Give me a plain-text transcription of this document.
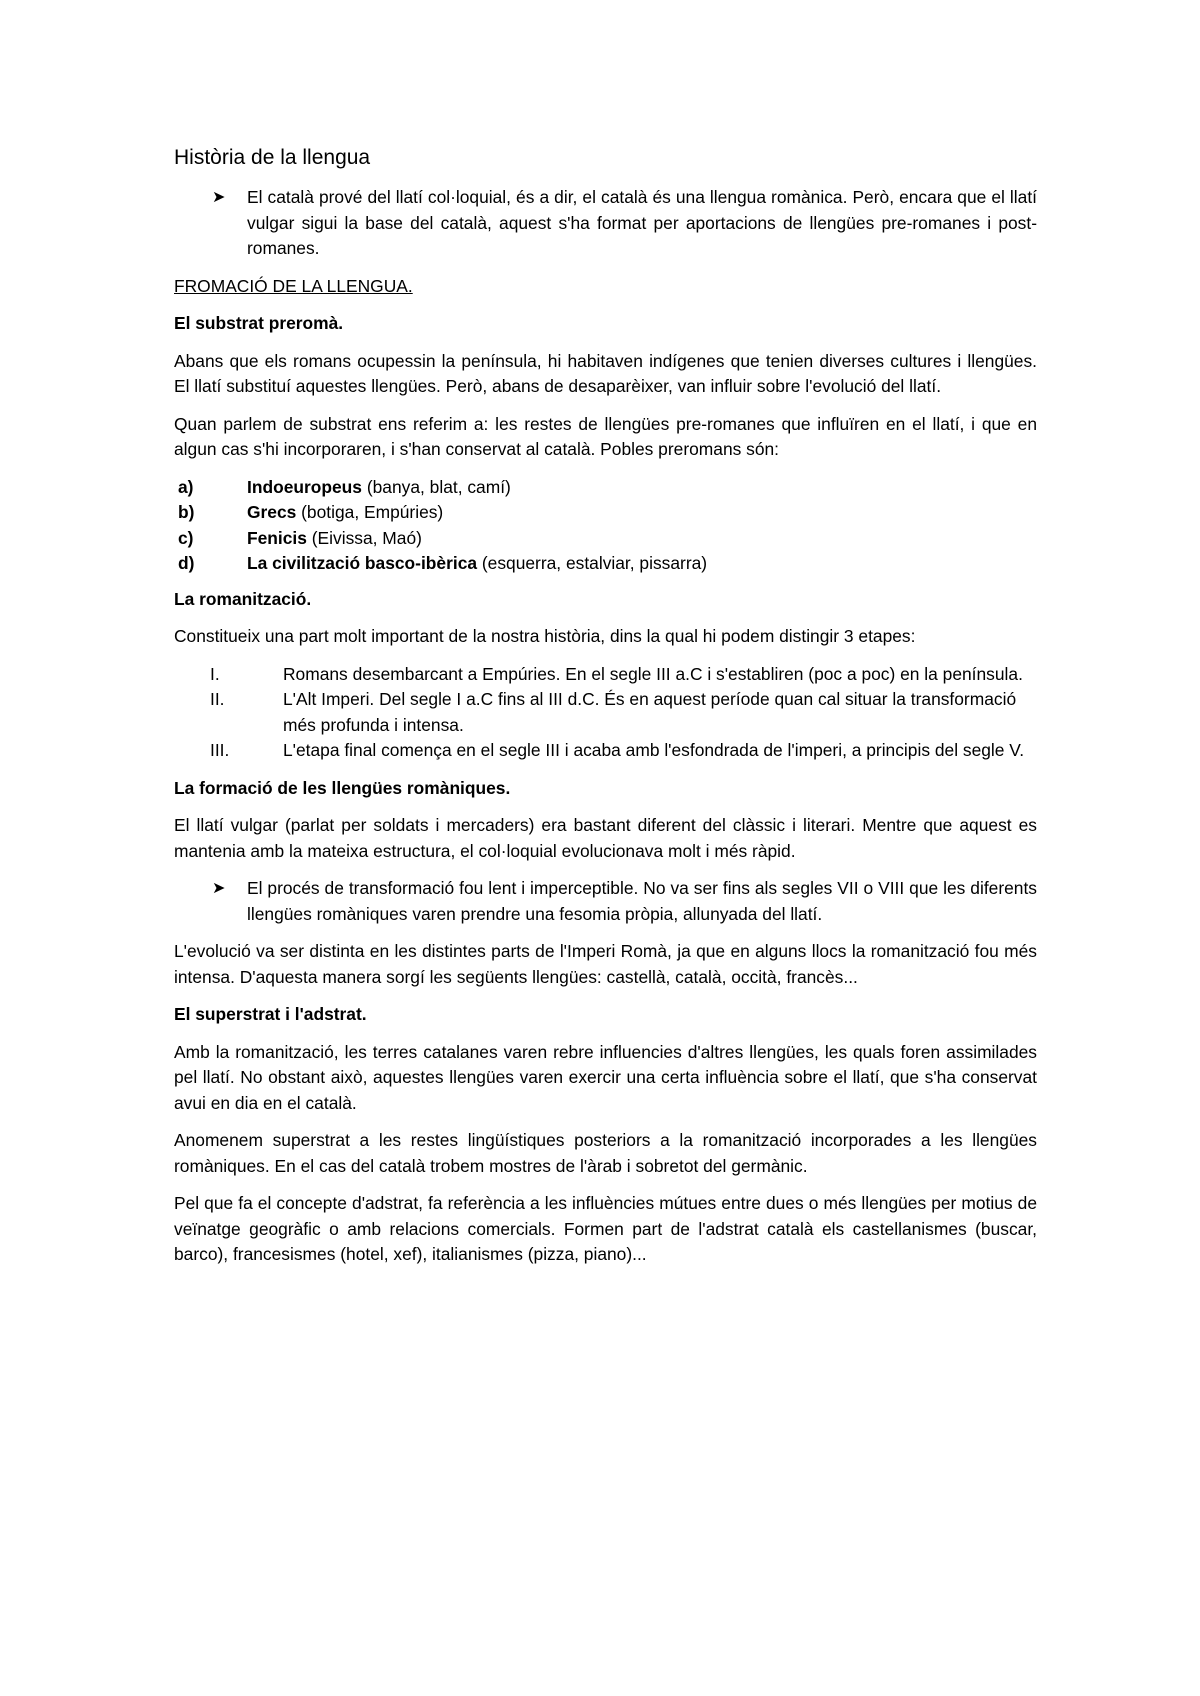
Història de la llengua
➤ El català prové del llatí col·loquial, és a dir, el català és una llengua romànica. Però, encara que el llatí vulgar sigui la base del català, aquest s'ha format per aportacions de llengües pre-romanes i post-romanes.

FROMACIÓ DE LA LLENGUA.

El substrat preromà.

Abans que els romans ocupessin la península, hi habitaven indígenes que tenien diverses cultures i llengües. El llatí substituí aquestes llengües. Però, abans de desaparèixer, van influir sobre l'evolució del llatí.

Quan parlem de substrat ens referim a: les restes de llengües pre-romanes que influïren en el llatí, i que en algun cas s'hi incorporaren, i s'han conservat al català. Pobles preromans són:

a)	Indoeuropeus (banya, blat, camí)
b)	Grecs (botiga, Empúries)
c)	Fenicis (Eivissa, Maó)
d)	La civilització basco-ibèrica (esquerra, estalviar, pissarra)

La romanització.

Constitueix una part molt important de la nostra història, dins la qual hi podem distingir 3 etapes:

I.	Romans desembarcant a Empúries. En el segle III a.C i s'establiren (poc a poc) en la península.
II.	L'Alt Imperi. Del segle I a.C fins al III d.C. És en aquest període quan cal situar la transformació més profunda i intensa.
III.	L'etapa final comença en el segle III i acaba amb l'esfondrada de l'imperi, a principis del segle V.

La formació de les llengües romàniques.

El llatí vulgar (parlat per soldats i mercaders) era bastant diferent del clàssic i literari. Mentre que aquest es mantenia amb la mateixa estructura, el col·loquial evolucionava molt i més ràpid.

➤ El procés de transformació fou lent i imperceptible. No va ser fins als segles VII o VIII que les diferents llengües romàniques varen prendre una fesomia pròpia, allunyada del llatí.

L'evolució va ser distinta en les distintes parts de l'Imperi Romà, ja que en alguns llocs la romanització fou més intensa. D'aquesta manera sorgí les següents llengües: castellà, català, occità, francès...

El superstrat i l'adstrat.

Amb la romanització, les terres catalanes varen rebre influencies d'altres llengües, les quals foren assimilades pel llatí. No obstant això, aquestes llengües varen exercir una certa influència sobre el llatí, que s'ha conservat avui en dia en el català.

Anomenem superstrat a les restes lingüístiques posteriors a la romanització incorporades a les llengües romàniques. En el cas del català trobem mostres de l'àrab i sobretot del germànic.

Pel que fa el concepte d'adstrat, fa referència a les influències mútues entre dues o més llengües per motius de veïnatge geogràfic o amb relacions comercials. Formen part de l'adstrat català els castellanismes (buscar, barco), francesismes (hotel, xef), italianismes (pizza, piano)...
